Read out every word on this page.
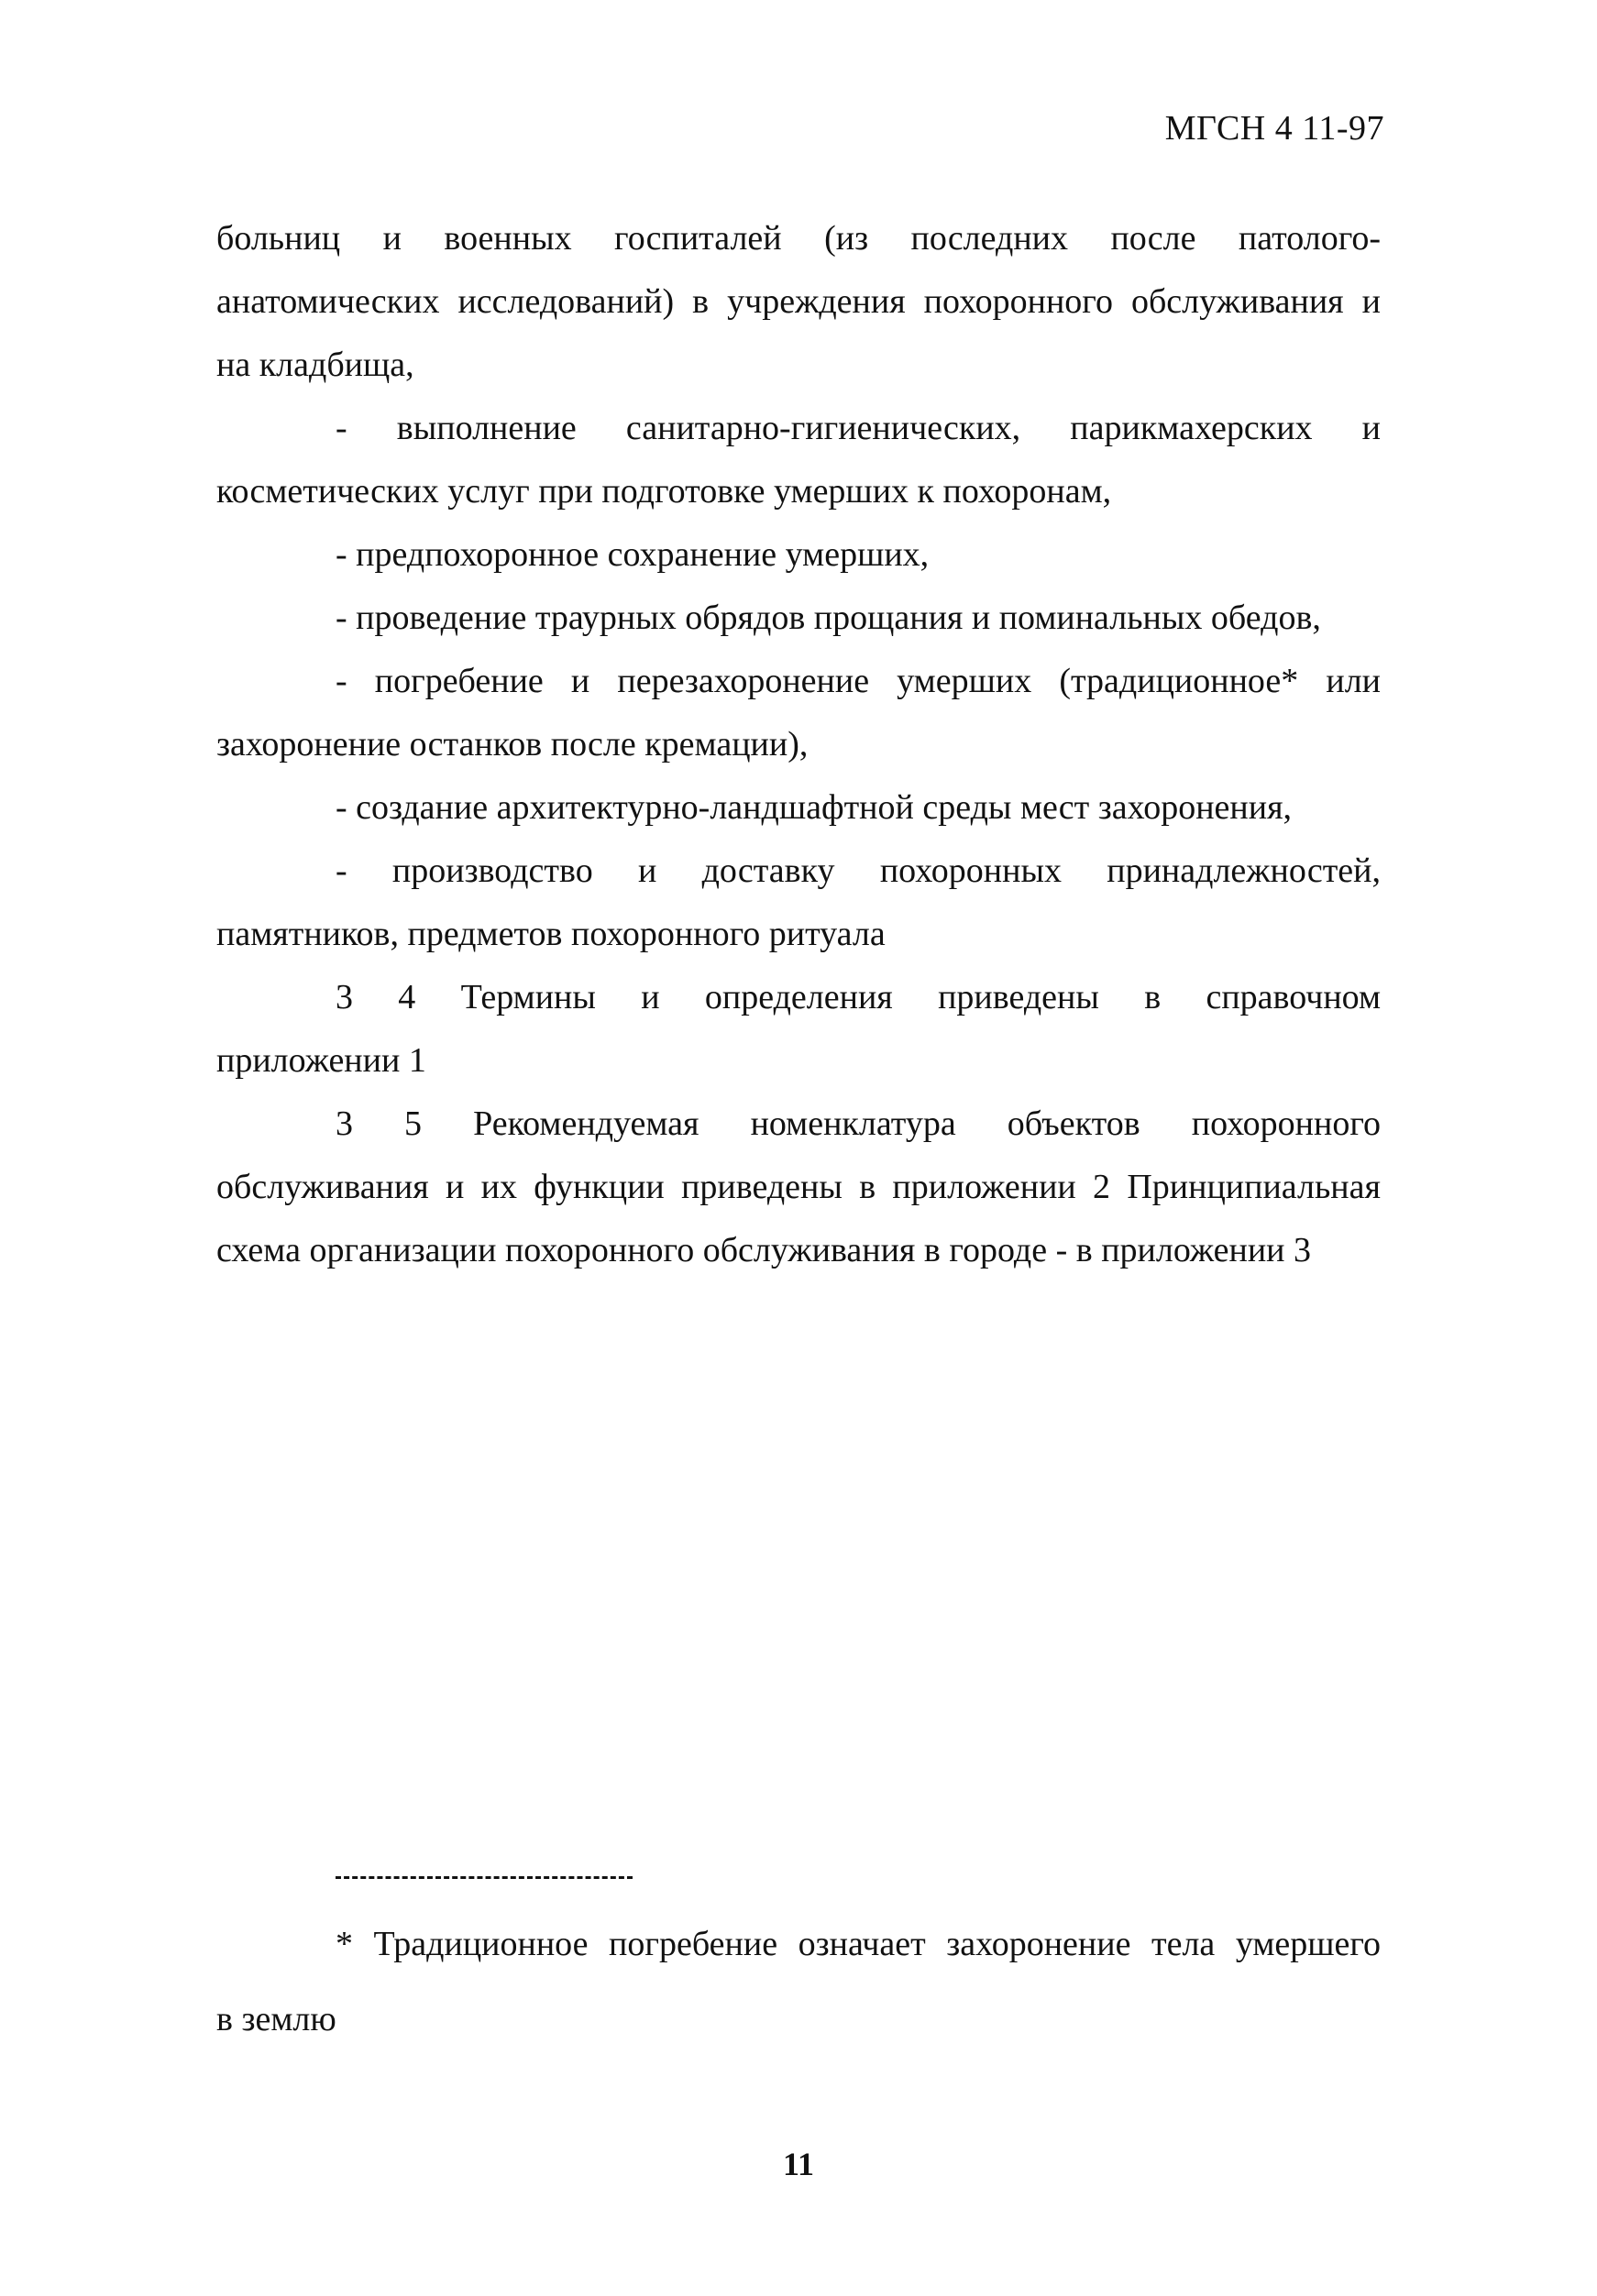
МГСН 4 11-97
больниц и военных госпиталей (из последних после патолого-
анатомических исследований) в учреждения похоронного обслуживания и
на кладбища,
- выполнение санитарно-гигиенических, парикмахерских и
косметических услуг при подготовке умерших к похоронам,
- предпохоронное сохранение умерших,
- проведение траурных обрядов прощания и поминальных обедов,
- погребение и перезахоронение умерших (традиционное* или
захоронение останков после кремации),
- создание архитектурно-ландшафтной среды мест захоронения,
- производство и доставку похоронных принадлежностей,
памятников, предметов похоронного ритуала
3 4 Термины и определения приведены в справочном
приложении 1
3 5 Рекомендуемая номенклатура объектов похоронного
обслуживания и их функции приведены в приложении 2 Принципиальная
схема организации похоронного обслуживания в городе - в приложении 3
* Традиционное погребение означает захоронение тела умершего
в землю
11
